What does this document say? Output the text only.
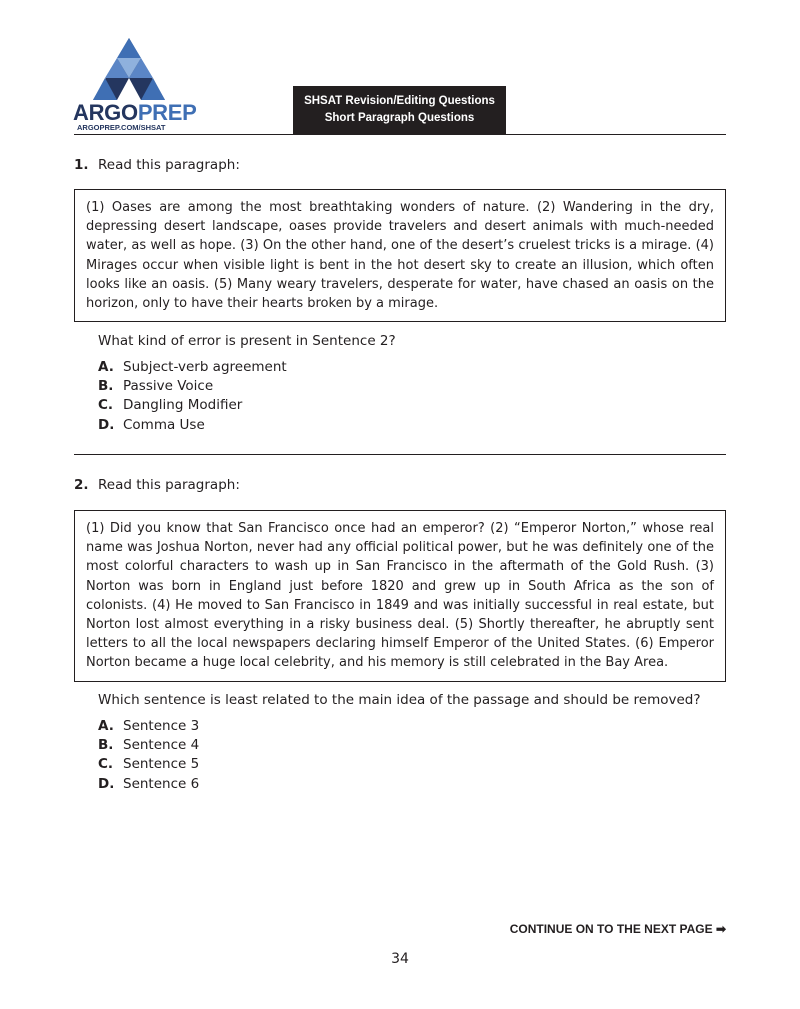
ARGOPREP
ARGOPREP.COM/SHSAT
SHSAT Revision/Editing Questions
Short Paragraph Questions
1. Read this paragraph:
(1) Oases are among the most breathtaking wonders of nature. (2) Wandering in the dry, depressing desert landscape, oases provide travelers and desert animals with much-needed water, as well as hope. (3) On the other hand, one of the desert’s cruelest tricks is a mirage. (4) Mirages occur when visible light is bent in the hot desert sky to create an illusion, which often looks like an oasis. (5) Many weary travelers, desperate for water, have chased an oasis on the horizon, only to have their hearts broken by a mirage.
What kind of error is present in Sentence 2?
A. Subject-verb agreement
B. Passive Voice
C. Dangling Modifier
D. Comma Use
2. Read this paragraph:
(1) Did you know that San Francisco once had an emperor? (2) “Emperor Norton,” whose real name was Joshua Norton, never had any official political power, but he was definitely one of the most colorful characters to wash up in San Francisco in the aftermath of the Gold Rush. (3) Norton was born in England just before 1820 and grew up in South Africa as the son of colonists. (4) He moved to San Francisco in 1849 and was initially successful in real estate, but Norton lost almost everything in a risky business deal. (5) Shortly thereafter, he abruptly sent letters to all the local newspapers declaring himself Emperor of the United States. (6) Emperor Norton became a huge local celebrity, and his memory is still celebrated in the Bay Area.
Which sentence is least related to the main idea of the passage and should be removed?
A. Sentence 3
B. Sentence 4
C. Sentence 5
D. Sentence 6
CONTINUE ON TO THE NEXT PAGE ➡
34
